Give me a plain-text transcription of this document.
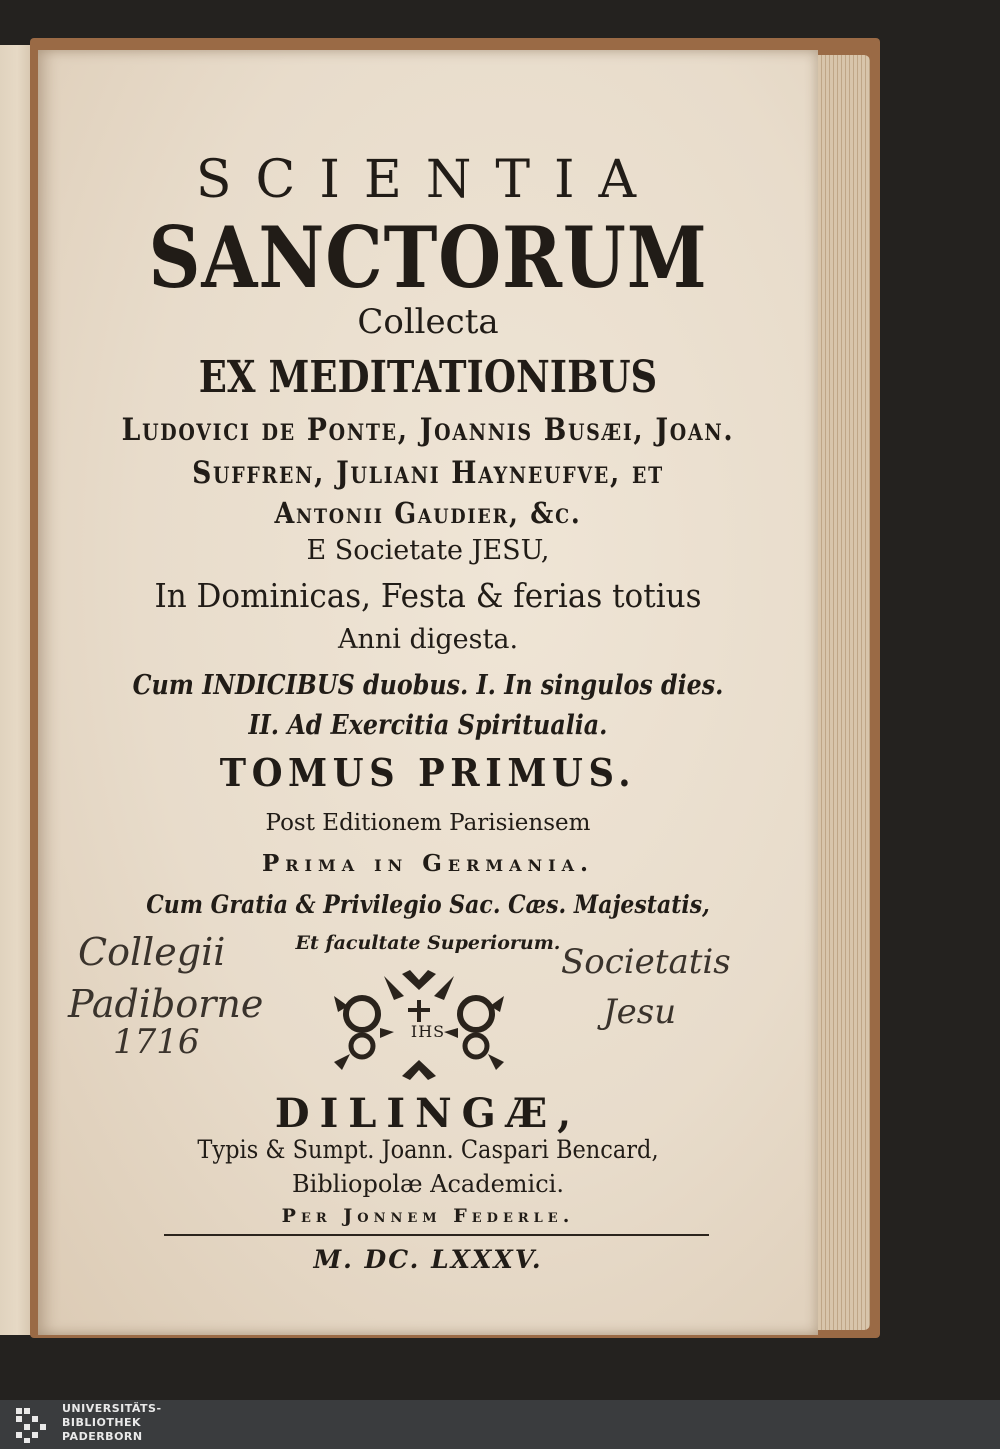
SCIENTIA
SANCTORUM
Collecta
EX MEDITATIONIBUS
Ludovici de Ponte, Joannis Busæi, Joan.
Suffren, Juliani Hayneufve, et
Antonii Gaudier, &c.
E Societate JESU,
In Dominicas, Festa & ferias totius
Anni digesta.
Cum INDICIBUS duobus. I. In singulos dies.
II. Ad Exercitia Spiritualia.
TOMUS PRIMUS.
Post Editionem Parisiensem
Prima in Germania.
Cum Gratia & Privilegio Sac. Cæs. Majestatis,
Et facultate Superiorum.
IHS
DILINGÆ,
Typis & Sumpt. Joann. Caspari Bencard,
Bibliopolæ Academici.
Per Jonnem Federle.
M. DC. LXXXV.
Collegii
Padiborne
1716
Societatis
Jesu
UNIVERSITÄTS-
BIBLIOTHEK
PADERBORN
